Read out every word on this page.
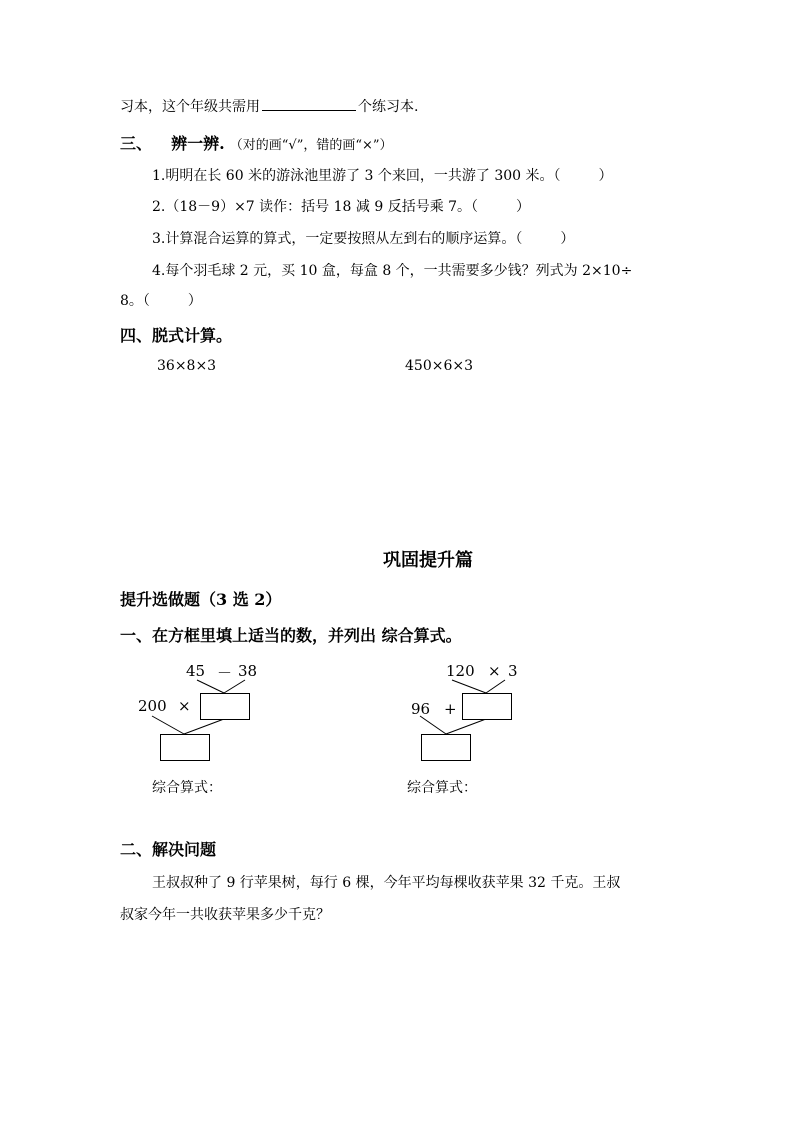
习本，这个年级共需用	个练习本.
三、 辨一辨. （对的画“√”，错的画“×”）
1.明明在长 60 米的游泳池里游了 3 个来回，一共游了 300 米。（	）
2.（18－9）×7 读作：括号 18 减 9 反括号乘 7。（	）
3.计算混合运算的算式，一定要按照从左到右的顺序运算。（	）
4.每个羽毛球 2 元，买 10 盒，每盒 8 个，一共需要多少钱？列式为 2×10÷
8。（	）
四、脱式计算。
36×8×3	450×6×3
巩固提升篇
提升选做题（3 选 2）
一、在方框里填上适当的数，并列出 综合算式。
45 － 38
200 ×
综合算式：
120 × 3
96 +
综合算式：
二、解决问题
王叔叔种了 9 行苹果树，每行 6 棵，今年平均每棵收获苹果 32 千克。王叔
叔家今年一共收获苹果多少千克？
